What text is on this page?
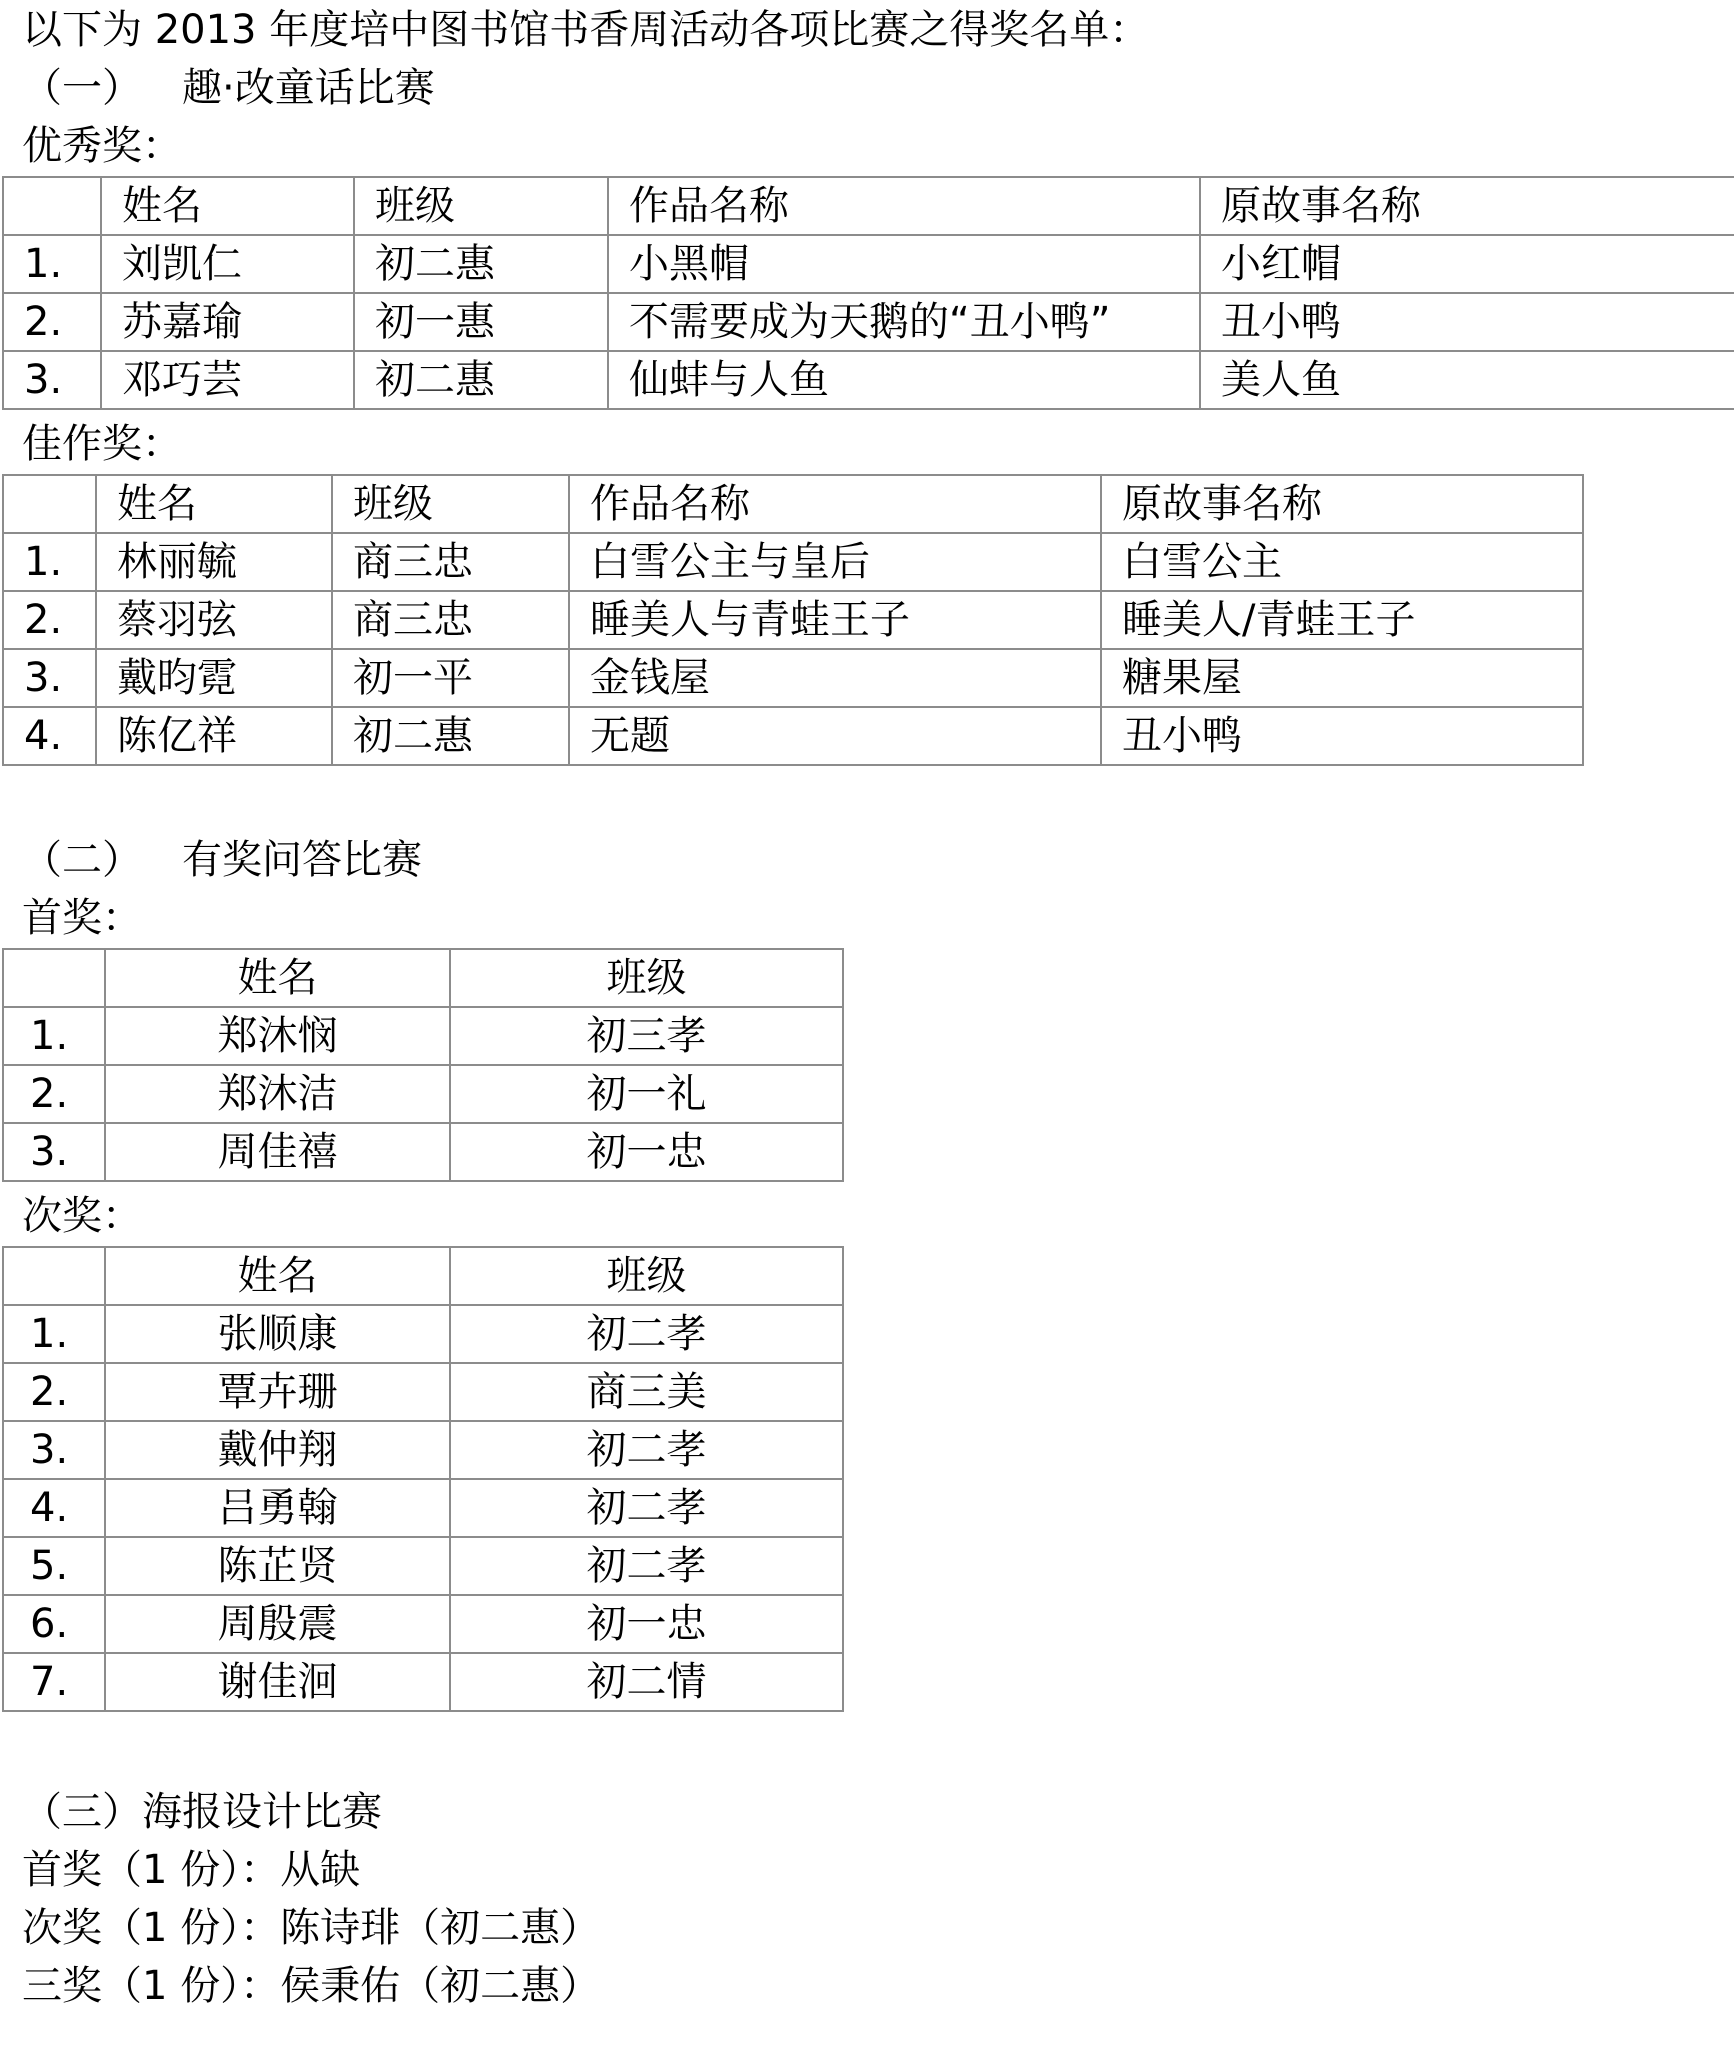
以下为 2013 年度培中图书馆书香周活动各项比赛之得奖名单：
（一） 趣·改童话比赛
优秀奖：
	姓名	班级	作品名称	原故事名称
1.	刘凯仁	初二惠	小黑帽	小红帽
2.	苏嘉瑜	初一惠	不需要成为天鹅的“丑小鸭”	丑小鸭
3.	邓巧芸	初二惠	仙蚌与人鱼	美人鱼
佳作奖：
	姓名	班级	作品名称	原故事名称
1.	林丽毓	商三忠	白雪公主与皇后	白雪公主
2.	蔡羽弦	商三忠	睡美人与青蛙王子	睡美人/青蛙王子
3.	戴昀霓	初一平	金钱屋	糖果屋
4.	陈亿祥	初二惠	无题	丑小鸭
（二） 有奖问答比赛
首奖：
	姓名	班级
1.	郑沐悯	初三孝
2.	郑沐洁	初一礼
3.	周佳禧	初一忠
次奖：
	姓名	班级
1.	张顺康	初二孝
2.	覃卉珊	商三美
3.	戴仲翔	初二孝
4.	吕勇翰	初二孝
5.	陈芷贤	初二孝
6.	周殷震	初一忠
7.	谢佳洄	初二情
（三）海报设计比赛
首奖（1 份）：从缺
次奖（1 份）：陈诗琲（初二惠）
三奖（1 份）：侯秉佑（初二惠）
